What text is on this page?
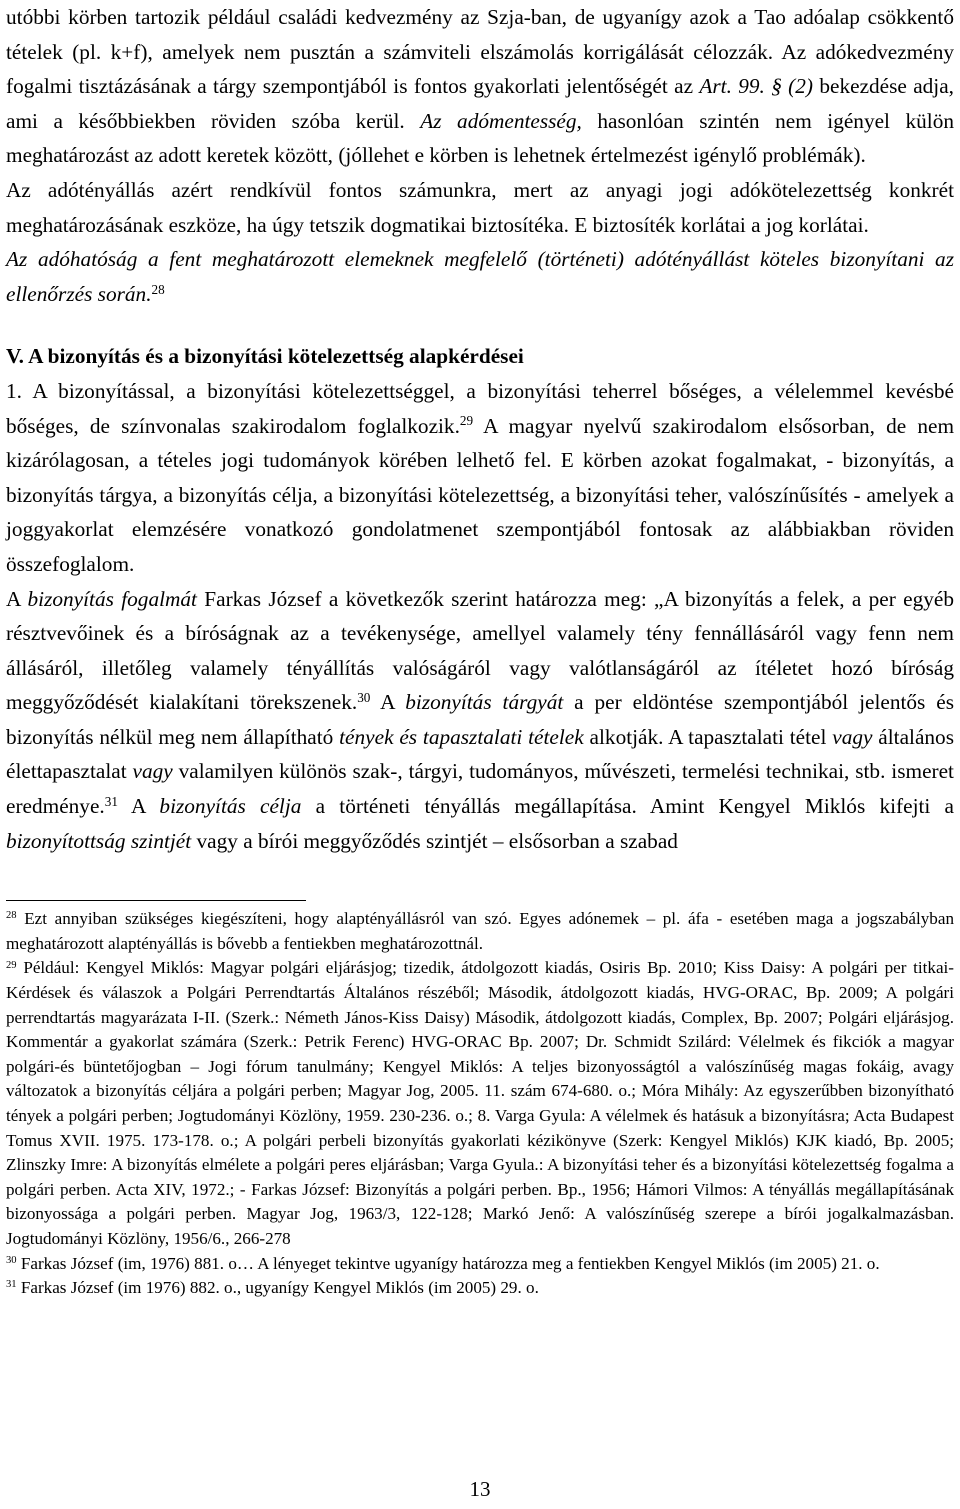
utóbbi körben tartozik például családi kedvezmény az Szja-ban, de ugyanígy azok a Tao adóalap csökkentő tételek (pl. k+f), amelyek nem pusztán a számviteli elszámolás korrigálását célozzák. Az adókedvezmény fogalmi tisztázásának a tárgy szempontjából is fontos gyakorlati jelentőségét az Art. 99. § (2) bekezdése adja, ami a későbbiekben röviden szóba kerül. Az adómentesség, hasonlóan szintén nem igényel külön meghatározást az adott keretek között, (jóllehet e körben is lehetnek értelmezést igénylő problémák).

Az adótényállás azért rendkívül fontos számunkra, mert az anyagi jogi adókötelezettség konkrét meghatározásának eszköze, ha úgy tetszik dogmatikai biztosítéka. E biztosíték korlátai a jog korlátai.

Az adóhatóság a fent meghatározott elemeknek megfelelő (történeti) adótényállást köteles bizonyítani az ellenőrzés során.$^{28}$

V. A bizonyítás és a bizonyítási kötelezettség alapkérdései

1. A bizonyítással, a bizonyítási kötelezettséggel, a bizonyítási teherrel bőséges, a vélelemmel kevésbé bőséges, de színvonalas szakirodalom foglalkozik.$^{29}$ A magyar nyelvű szakirodalom elsősorban, de nem kizárólagosan, a tételes jogi tudományok körében lelhető fel. E körben azokat fogalmakat, - bizonyítás, a bizonyítás tárgya, a bizonyítás célja, a bizonyítási kötelezettség, a bizonyítási teher, valószínűsítés - amelyek a joggyakorlat elemzésére vonatkozó gondolatmenet szempontjából fontosak az alábbiakban röviden összefoglalom.

A bizonyítás fogalmát Farkas József a következők szerint határozza meg: „A bizonyítás a felek, a per egyéb résztvevőinek és a bíróságnak az a tevékenysége, amellyel valamely tény fennállásáról vagy fenn nem állásáról, illetőleg valamely tényállítás valóságáról vagy valótlanságáról az ítéletet hozó bíróság meggyőződését kialakítani törekszenek.$^{30}$ A bizonyítás tárgyát a per eldöntése szempontjából jelentős és bizonyítás nélkül meg nem állapítható tények és tapasztalati tételek alkotják. A tapasztalati tétel vagy általános élettapasztalat vagy valamilyen különös szak-, tárgyi, tudományos, művészeti, termelési technikai, stb. ismeret eredménye.$^{31}$ A bizonyítás célja a történeti tényállás megállapítása. Amint Kengyel Miklós kifejti a bizonyítottság szintjét vagy a bírói meggyőződés szintjét – elsősorban a szabad

$^{28}$ Ezt annyiban szükséges kiegészíteni, hogy alaptényállásról van szó. Egyes adónemek – pl. áfa - esetében maga a jogszabályban meghatározott alaptényállás is bővebb a fentiekben meghatározottnál.

$^{29}$ Például: Kengyel Miklós: Magyar polgári eljárásjog; tizedik, átdolgozott kiadás, Osiris Bp. 2010; Kiss Daisy: A polgári per titkai- Kérdések és válaszok a Polgári Perrendtartás Általános részéből; Második, átdolgozott kiadás, HVG-ORAC, Bp. 2009; A polgári perrendtartás magyarázata I-II. (Szerk.: Németh János-Kiss Daisy) Második, átdolgozott kiadás, Complex, Bp. 2007; Polgári eljárásjog. Kommentár a gyakorlat számára (Szerk.: Petrik Ferenc) HVG-ORAC Bp. 2007; Dr. Schmidt Szilárd: Vélelmek és fikciók a magyar polgári-és büntetőjogban – Jogi fórum tanulmány; Kengyel Miklós: A teljes bizonyosságtól a valószínűség magas fokáig, avagy változatok a bizonyítás céljára a polgári perben; Magyar Jog, 2005. 11. szám 674-680. o.; Móra Mihály: Az egyszerűbben bizonyítható tények a polgári perben; Jogtudományi Közlöny, 1959. 230-236. o.; 8. Varga Gyula: A vélelmek és hatásuk a bizonyításra; Acta Budapest Tomus XVII. 1975. 173-178. o.; A polgári perbeli bizonyítás gyakorlati kézikönyve (Szerk: Kengyel Miklós) KJK kiadó, Bp. 2005; Zlinszky Imre: A bizonyítás elmélete a polgári peres eljárásban; Varga Gyula.: A bizonyítási teher és a bizonyítási kötelezettség fogalma a polgári perben. Acta XIV, 1972.; - Farkas József: Bizonyítás a polgári perben. Bp., 1956; Hámori Vilmos: A tényállás megállapításának bizonyossága a polgári perben. Magyar Jog, 1963/3, 122-128; Markó Jenő: A valószínűség szerepe a bírói jogalkalmazásban. Jogtudományi Közlöny, 1956/6., 266-278

$^{30}$ Farkas József (im, 1976) 881. o… A lényeget tekintve ugyanígy határozza meg a fentiekben Kengyel Miklós (im 2005) 21. o.

$^{31}$ Farkas József (im 1976) 882. o., ugyanígy Kengyel Miklós (im 2005) 29. o.

13
